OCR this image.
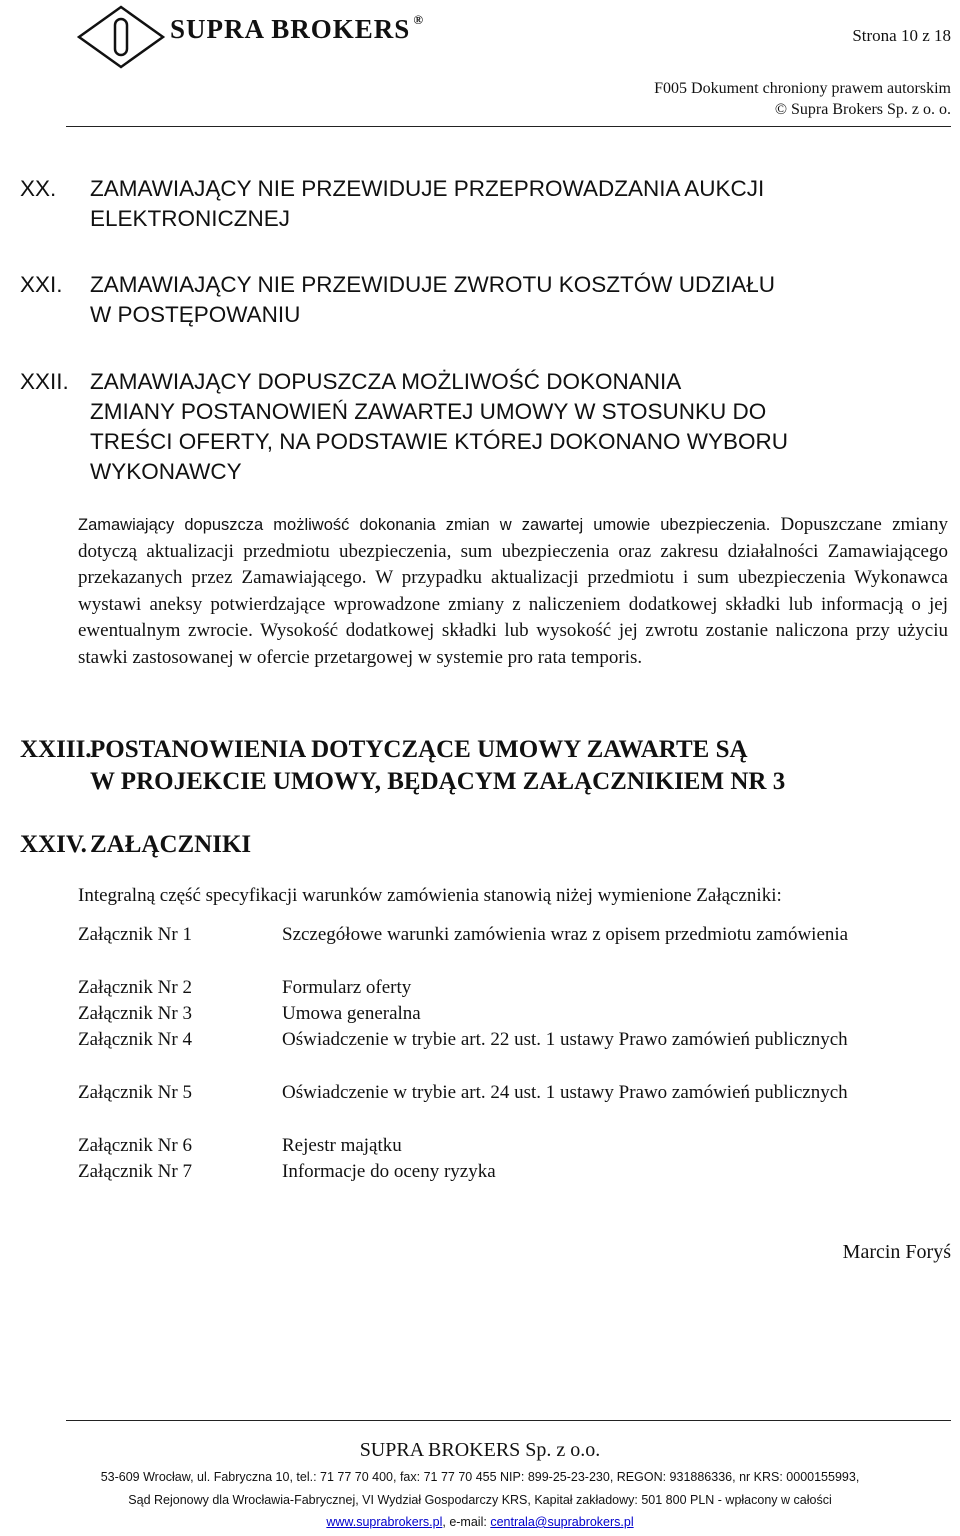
SUPRA BROKERS ®
Strona 10 z 18
F005 Dokument chroniony prawem autorskim
© Supra Brokers Sp. z o. o.
XX. ZAMAWIAJĄCY NIE PRZEWIDUJE PRZEPROWADZANIA AUKCJI
ELEKTRONICZNEJ
XXI. ZAMAWIAJĄCY NIE PRZEWIDUJE ZWROTU KOSZTÓW UDZIAŁU
W POSTĘPOWANIU
XXII. ZAMAWIAJĄCY DOPUSZCZA MOŻLIWOŚĆ DOKONANIA
ZMIANY POSTANOWIEŃ ZAWARTEJ UMOWY W STOSUNKU DO
TREŚCI OFERTY, NA PODSTAWIE KTÓREJ DOKONANO WYBORU
WYKONAWCY
Zamawiający dopuszcza możliwość dokonania zmian w zawartej umowie ubezpieczenia. Dopuszczane zmiany dotyczą aktualizacji przedmiotu ubezpieczenia, sum ubezpieczenia oraz zakresu działalności Zamawiającego przekazanych przez Zamawiającego. W przypadku aktualizacji przedmiotu i sum ubezpieczenia Wykonawca wystawi aneksy potwierdzające wprowadzone zmiany z naliczeniem dodatkowej składki lub informacją o jej ewentualnym zwrocie. Wysokość dodatkowej składki lub wysokość jej zwrotu zostanie naliczona przy użyciu stawki zastosowanej w ofercie przetargowej w systemie pro rata temporis.
XXIII.
POSTANOWIENIA DOTYCZĄCE UMOWY ZAWARTE SĄ
W PROJEKCIE UMOWY, BĘDĄCYM ZAŁĄCZNIKIEM NR 3
XXIV. ZAŁĄCZNIKI
Integralną część specyfikacji warunków zamówienia stanowią niżej wymienione Załączniki:
Załącznik Nr 1	Szczegółowe warunki zamówienia wraz z opisem przedmiotu zamówienia
Załącznik Nr 2	Formularz oferty
Załącznik Nr 3	Umowa generalna
Załącznik Nr 4	Oświadczenie w trybie art. 22 ust. 1 ustawy Prawo zamówień publicznych
Załącznik Nr 5	Oświadczenie w trybie art. 24 ust. 1 ustawy Prawo zamówień publicznych
Załącznik Nr 6	Rejestr majątku
Załącznik Nr 7	Informacje do oceny ryzyka
Marcin Foryś
SUPRA BROKERS Sp. z o.o.
53-609 Wrocław, ul. Fabryczna 10, tel.: 71 77 70 400, fax: 71 77 70 455 NIP: 899-25-23-230, REGON: 931886336, nr KRS: 0000155993,
Sąd Rejonowy dla Wrocławia-Fabrycznej, VI Wydział Gospodarczy KRS, Kapitał zakładowy: 501 800 PLN - wpłacony w całości
www.suprabrokers.pl, e-mail: centrala@suprabrokers.pl
